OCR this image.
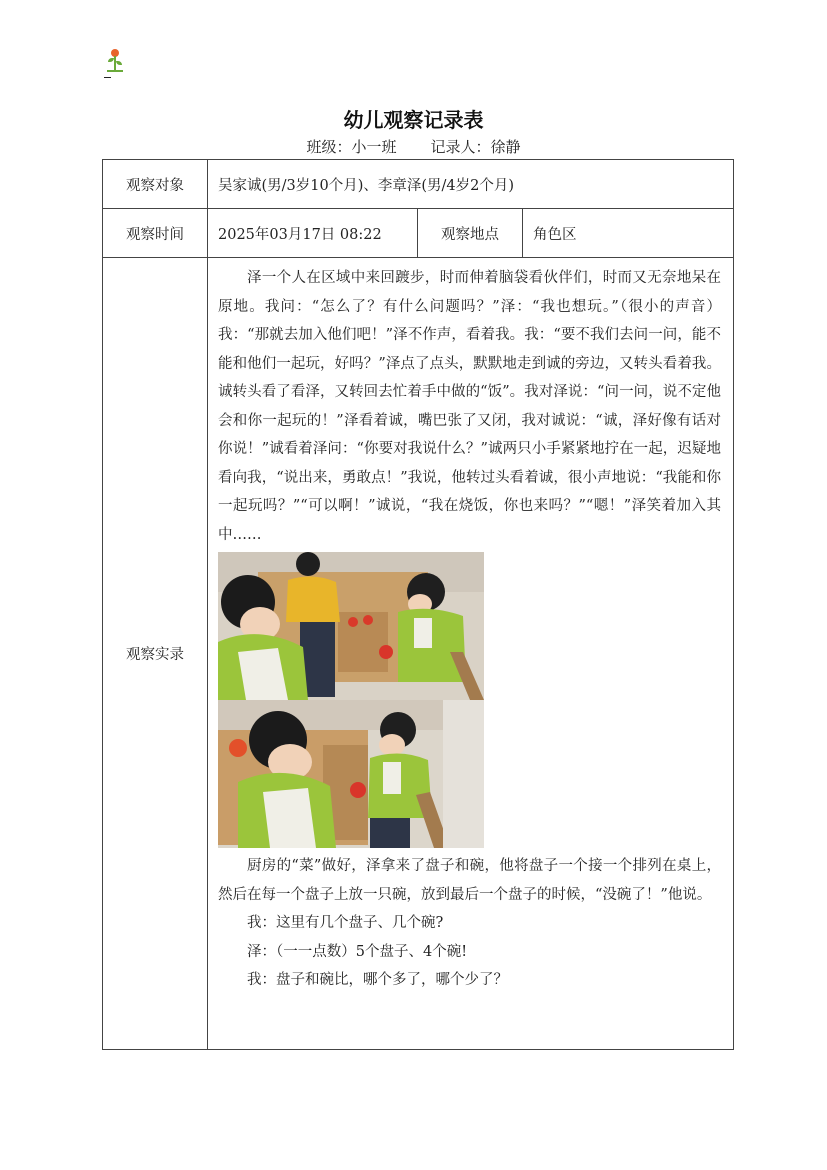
幼儿观察记录表
班级：小一班 记录人：徐静
观察对象	吴家诚(男/3岁10个月)、李章泽(男/4岁2个月)		
观察时间	2025年03月17日 08:22	观察地点	角色区
观察实录	泽一个人在区域中来回踱步，时而伸着脑袋看伙伴们，时而又无奈地呆在原地。我问：“怎么了？有什么问题吗？”泽：“我也想玩。”（很小的声音）我：“那就去加入他们吧！”泽不作声，看着我。我：“要不我们去问一问，能不能和他们一起玩，好吗？”泽点了点头，默默地走到诚的旁边，又转头看着我。诚转头看了看泽，又转回去忙着手中做的“饭”。我对泽说：“问一问，说不定他会和你一起玩的！”泽看着诚，嘴巴张了又闭，我对诚说：“诚，泽好像有话对你说！”诚看着泽问：“你要对我说什么？”诚两只小手紧紧地拧在一起，迟疑地看向我，“说出来，勇敢点！”我说，他转过头看着诚，很小声地说：“我能和你一起玩吗？”“可以啊！”诚说，“我在烧饭，你也来吗？”“嗯！”泽笑着加入其中……

厨房的“菜”做好，泽拿来了盘子和碗，他将盘子一个接一个排列在桌上，然后在每一个盘子上放一只碗，放到最后一个盘子的时候，“没碗了！”他说。

我：这里有几个盘子、几个碗?

泽：（一一点数）5个盘子、4个碗!

我：盘子和碗比，哪个多了，哪个少了？		
